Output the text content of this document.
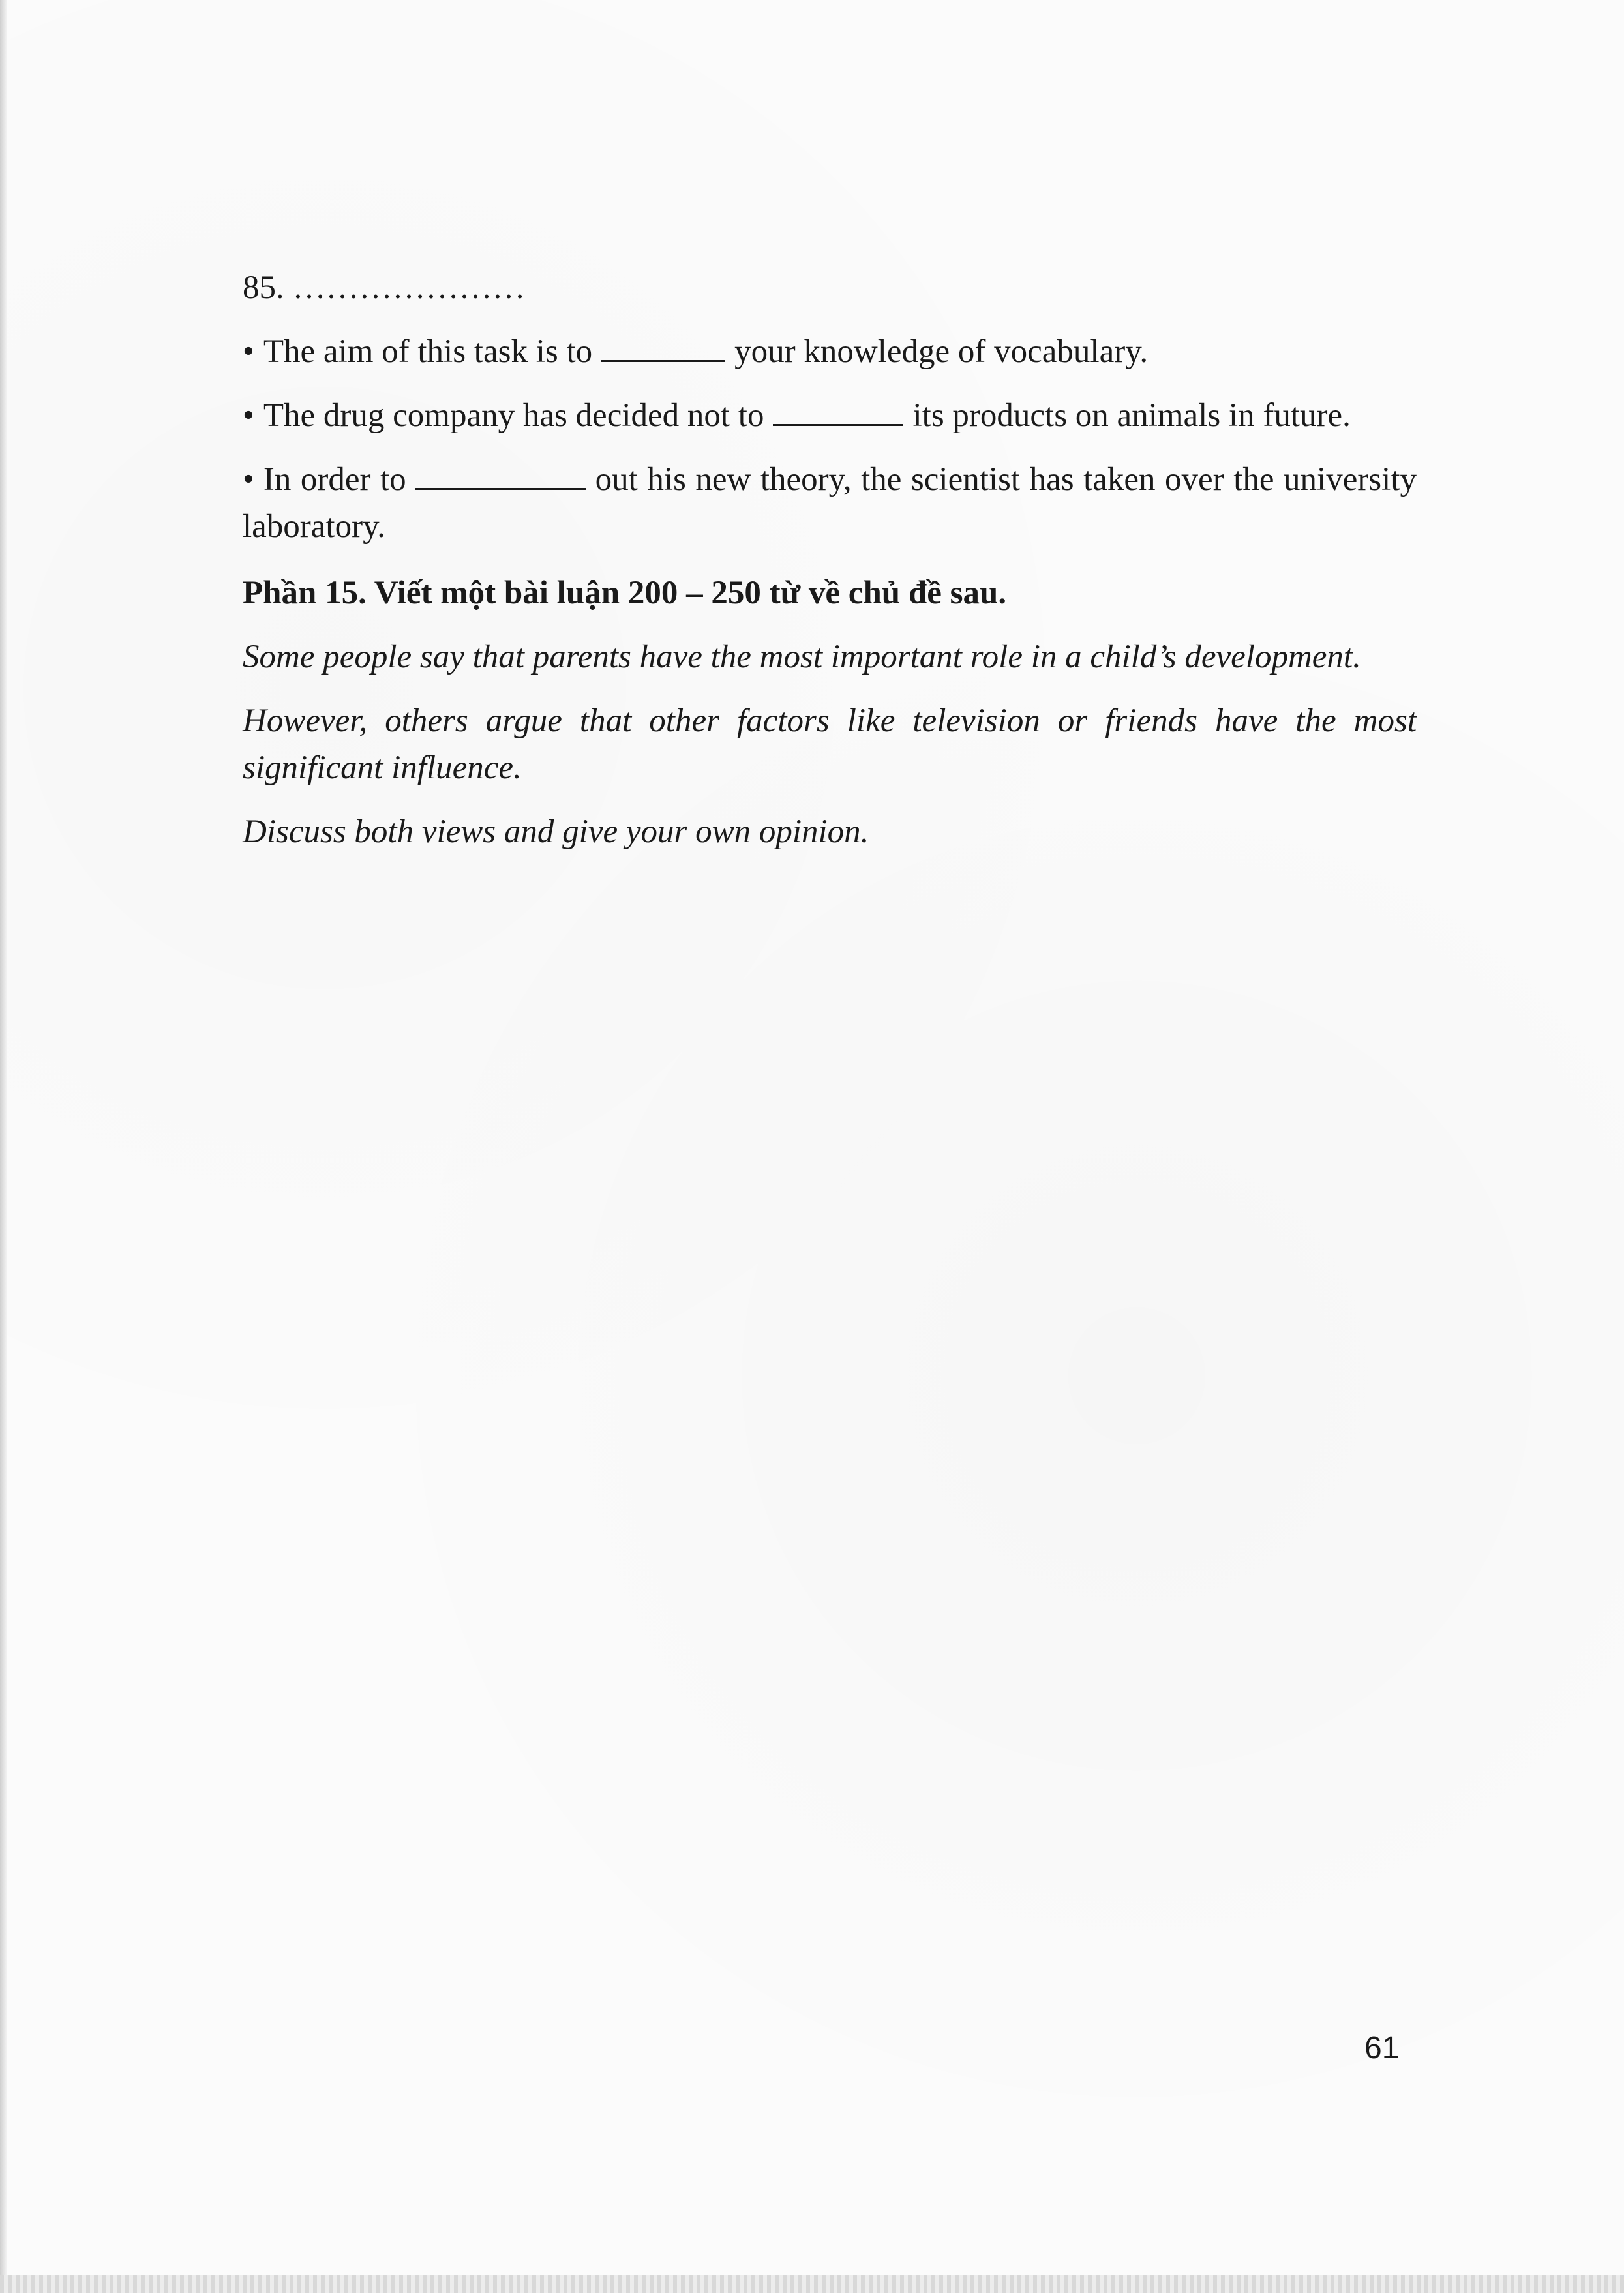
85. …………………

• The aim of this task is to	your knowledge of vocabulary.

• The drug company has decided not to	its products on animals in future.

• In order to	out his new theory, the scientist has taken over the university laboratory.

Phần 15. Viết một bài luận 200 – 250 từ về chủ đề sau.

Some people say that parents have the most important role in a child’s development.

However, others argue that other factors like television or friends have the most significant influence.

Discuss both views and give your own opinion.

61
